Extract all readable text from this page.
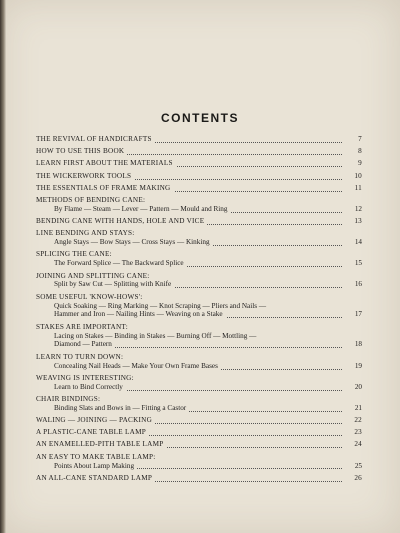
CONTENTS
THE REVIVAL OF HANDICRAFTS	7
HOW TO USE THIS BOOK	8
LEARN FIRST ABOUT THE MATERIALS	9
THE WICKERWORK TOOLS	10
THE ESSENTIALS OF FRAME MAKING	11
METHODS OF BENDING CANE:
By Flame — Steam — Lever — Pattern — Mould and Ring	12
BENDING CANE WITH HANDS, HOLE AND VICE	13
LINE BENDING AND STAYS:
Angle Stays — Bow Stays — Cross Stays — Kinking	14
SPLICING THE CANE:
The Forward Splice — The Backward Splice	15
JOINING AND SPLITTING CANE:
Split by Saw Cut — Splitting with Knife	16
SOME USEFUL 'KNOW-HOWS':
Quick Soaking — Ring Marking — Knot Scraping — Pliers and Nails —
Hammer and Iron — Nailing Hints — Weaving on a Stake	17
STAKES ARE IMPORTANT:
Lacing on Stakes — Binding in Stakes — Burning Off — Mottling —
Diamond — Pattern	18
LEARN TO TURN DOWN:
Concealing Nail Heads — Make Your Own Frame Bases	19
WEAVING IS INTERESTING:
Learn to Bind Correctly	20
CHAIR BINDINGS:
Binding Slats and Bows in — Fitting a Castor	21
WALING — JOINING — PACKING	22
A PLASTIC-CANE TABLE LAMP	23
AN ENAMELLED-PITH TABLE LAMP	24
AN EASY TO MAKE TABLE LAMP:
Points About Lamp Making	25
AN ALL-CANE STANDARD LAMP	26
